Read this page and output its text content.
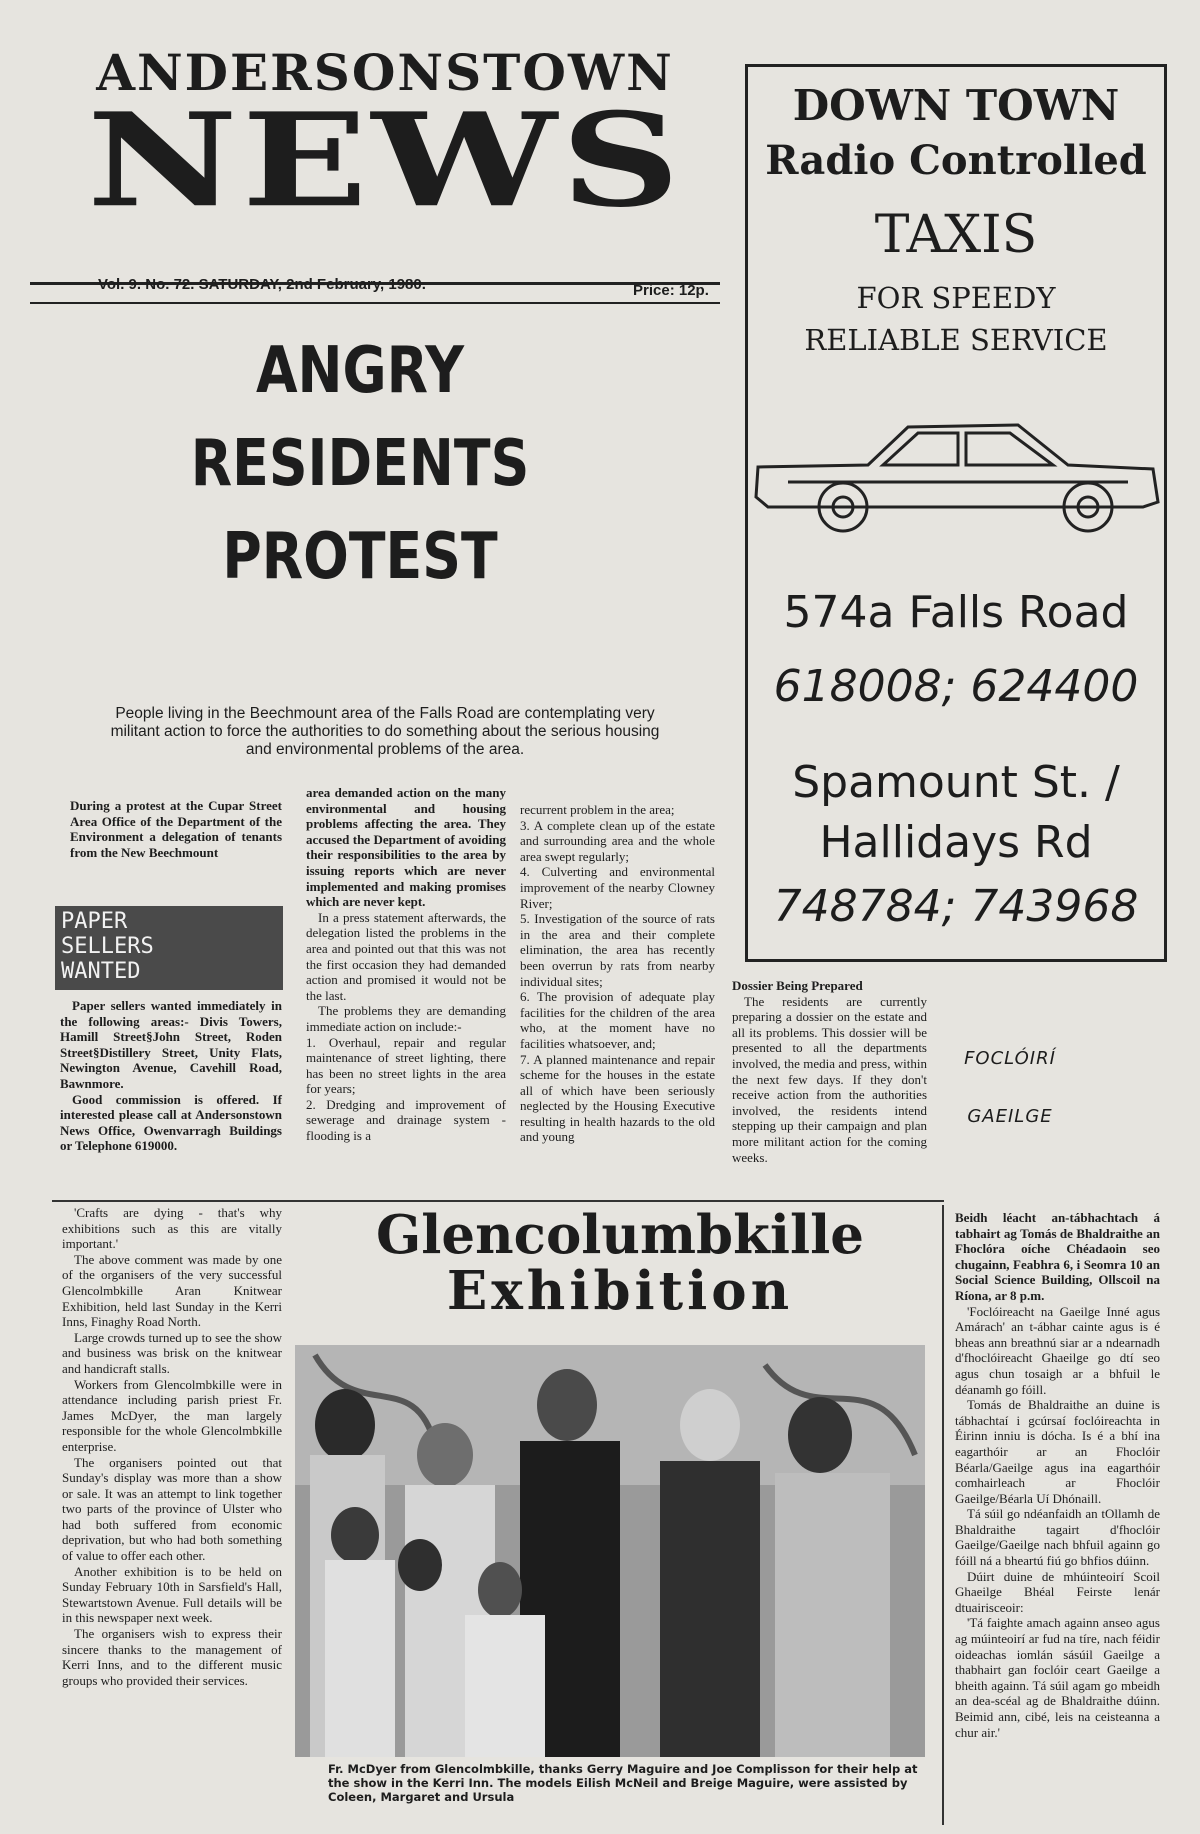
ANDERSONSTOWN
NEWS
Vol. 9. No. 72. SATURDAY, 2nd February, 1980.	Price: 12p.
ANGRY
RESIDENTS
PROTEST
People living in the Beechmount area of the Falls Road are contemplating very militant action to force the authorities to do something about the serious housing and environmental problems of the area.
During a protest at the Cupar Street Area Office of the Department of the Environment a delegation of tenants from the New Beechmount
PAPER
SELLERS
WANTED

Paper sellers wanted immediately in the following areas:- Divis Towers, Hamill Street§John Street, Roden Street§Distillery Street, Unity Flats, Newington Avenue, Cavehill Road, Bawnmore.

Good commission is offered. If interested please call at Andersonstown News Office, Owenvarragh Buildings or Telephone 619000.

area demanded action on the many environmental and housing problems affecting the area. They accused the Department of avoiding their responsibilities to the area by issuing reports which are never implemented and making promises which are never kept.

In a press statement afterwards, the delegation listed the problems in the area and pointed out that this was not the first occasion they had demanded action and promised it would not be the last.

The problems they are demanding immediate action on include:-

1. Overhaul, repair and regular maintenance of street lighting, there has been no street lights in the area for years;

2. Dredging and improvement of sewerage and drainage system - flooding is a

recurrent problem in the area;

3. A complete clean up of the estate and surrounding area and the whole area swept regularly;

4. Culverting and environmental improvement of the nearby Clowney River;

5. Investigation of the source of rats in the area and their complete elimination, the area has recently been overrun by rats from nearby individual sites;

6. The provision of adequate play facilities for the children of the area who, at the moment have no facilities whatsoever, and;

7. A planned maintenance and repair scheme for the houses in the estate all of which have been seriously neglected by the Housing Executive resulting in health hazards to the old and young

Dossier Being Prepared

The residents are currently preparing a dossier on the estate and all its problems. This dossier will be presented to all the departments involved, the media and press, within the next few days. If they don't receive action from the authorities involved, the residents intend stepping up their campaign and plan more militant action for the coming weeks.

DOWN TOWN
Radio Controlled
TAXIS
FOR SPEEDY
RELIABLE SERVICE
574a Falls Road
618008; 624400
Spamount St. /
Hallidays Rd
748784; 743968
FOCLÓIRÍ
GAEILGE
Glencolumbkille
Exhibition
Fr. McDyer from Glencolmbkille, thanks Gerry Maguire and Joe Complisson for their help at the show in the Kerri Inn. The models Eilish McNeil and Breige Maguire, were assisted by Coleen, Margaret and Ursula

'Crafts are dying - that's why exhibitions such as this are vitally important.'

The above comment was made by one of the organisers of the very successful Glencolmbkille Aran Knitwear Exhibition, held last Sunday in the Kerri Inns, Finaghy Road North.

Large crowds turned up to see the show and business was brisk on the knitwear and handicraft stalls.

Workers from Glencolmbkille were in attendance including parish priest Fr. James McDyer, the man largely responsible for the whole Glencolmbkille enterprise.

The organisers pointed out that Sunday's display was more than a show or sale. It was an attempt to link together two parts of the province of Ulster who had both suffered from economic deprivation, but who had both something of value to offer each other.

Another exhibition is to be held on Sunday February 10th in Sarsfield's Hall, Stewartstown Avenue. Full details will be in this newspaper next week.

The organisers wish to express their sincere thanks to the management of Kerri Inns, and to the different music groups who provided their services.

Beidh léacht an-tábhachtach á tabhairt ag Tomás de Bhaldraithe an Fhoclóra oíche Chéadaoin seo chugainn, Feabhra 6, i Seomra 10 an Social Science Building, Ollscoil na Ríona, ar 8 p.m.

'Foclóireacht na Gaeilge Inné agus Amárach' an t-ábhar cainte agus is é bheas ann breathnú siar ar a ndearnadh d'fhoclóireacht Ghaeilge go dtí seo agus chun tosaigh ar a bhfuil le déanamh go fóill.

Tomás de Bhaldraithe an duine is tábhachtaí i gcúrsaí foclóireachta in Éirinn inniu is dócha. Is é a bhí ina eagarthóir ar an Fhoclóir Béarla/Gaeilge agus ina eagarthóir comhairleach ar Fhoclóir Gaeilge/Béarla Uí Dhónaill.

Tá súil go ndéanfaidh an tOllamh de Bhaldraithe tagairt d'fhoclóir Gaeilge/Gaeilge nach bhfuil againn go fóill ná a bheartú fiú go bhfios dúinn.

Dúirt duine de mhúinteoirí Scoil Ghaeilge Bhéal Feirste lenár dtuairisceoir:

'Tá faighte amach againn anseo agus ag múinteoirí ar fud na tíre, nach féidir oideachas iomlán sásúil Gaeilge a thabhairt gan foclóir ceart Gaeilge a bheith againn. Tá súil agam go mbeidh an dea-scéal ag de Bhaldraithe dúinn. Beimid ann, cibé, leis na ceisteanna a chur air.'
